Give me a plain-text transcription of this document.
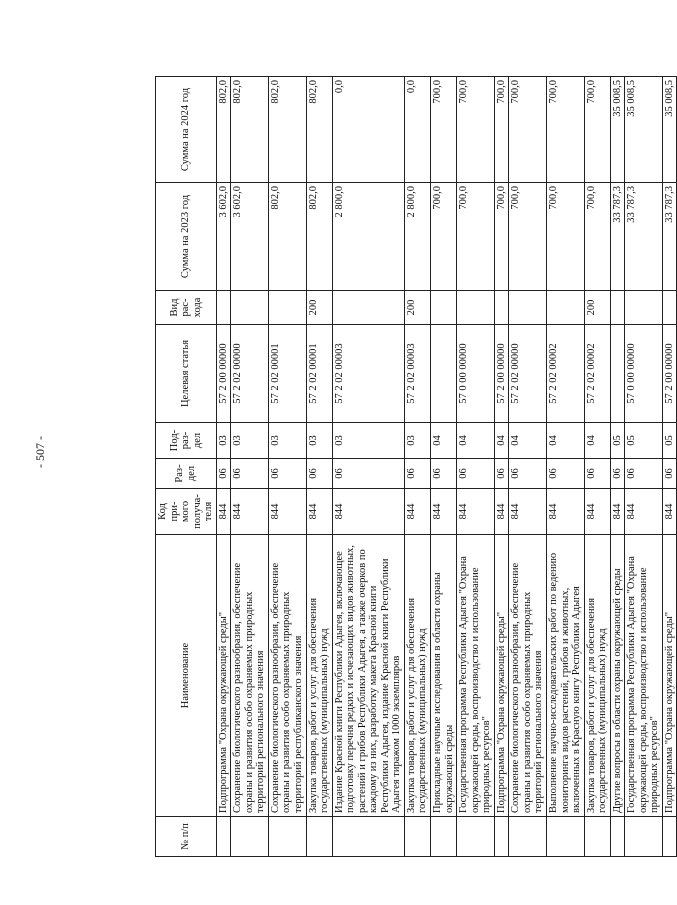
- 507 -
№ п/п	Наименование	Код при-мого получа-теля	Раз-дел	Под-раз-дел	Целевая статья	Вид рас-хода	Сумма на 2023 год	Сумма на 2024 год
	Подпрограмма "Охрана окружающей среды"	844	06	03	57 2 00 00000		3 602,0	802,0
	Сохранение биологического разнообразия, обеспечение охраны и развития особо охраняемых природных территорий регионального значения	844	06	03	57 2 02 00000		3 602,0	802,0
	Сохранение биологического разнообразия, обеспечение охраны и развития особо охраняемых природных территорий республиканского значения	844	06	03	57 2 02 00001		802,0	802,0
	Закупка товаров, работ и услуг для обеспечения государственных (муниципальных) нужд	844	06	03	57 2 02 00001	200	802,0	802,0
	Издание Красной книги Республики Адыгея, включающее подготовку перечня редких и исчезающих видов животных, растений и грибов Республики Адыгея, а также очерков по каждому из них, разработку макета Красной книги Республики Адыгея, издание Красной книги Республики Адыгея тиражом 1000 экземпляров	844	06	03	57 2 02 00003		2 800,0	0,0
	Закупка товаров, работ и услуг для обеспечения государственных (муниципальных) нужд	844	06	03	57 2 02 00003	200	2 800,0	0,0
	Прикладные научные исследования в области охраны окружающей среды	844	06	04			700,0	700,0
	Государственная программа Республики Адыгея "Охрана окружающей среды, воспроизводство и использование природных ресурсов"	844	06	04	57 0 00 00000		700,0	700,0
	Подпрограмма "Охрана окружающей среды"	844	06	04	57 2 00 00000		700,0	700,0
	Сохранение биологического разнообразия, обеспечение охраны и развития особо охраняемых природных территорий регионального значения	844	06	04	57 2 02 00000		700,0	700,0
	Выполнение научно-исследовательских работ по ведению мониторинга видов растений, грибов и животных, включенных в Красную книгу Республики Адыгея	844	06	04	57 2 02 00002		700,0	700,0
	Закупка товаров, работ и услуг для обеспечения государственных (муниципальных) нужд	844	06	04	57 2 02 00002	200	700,0	700,0
	Другие вопросы в области охраны окружающей среды	844	06	05			33 787,3	35 008,5
	Государственная программа Республики Адыгея "Охрана окружающей среды, воспроизводство и использование природных ресурсов"	844	06	05	57 0 00 00000		33 787,3	35 008,5
	Подпрограмма "Охрана окружающей среды"	844	06	05	57 2 00 00000		33 787,3	35 008,5
